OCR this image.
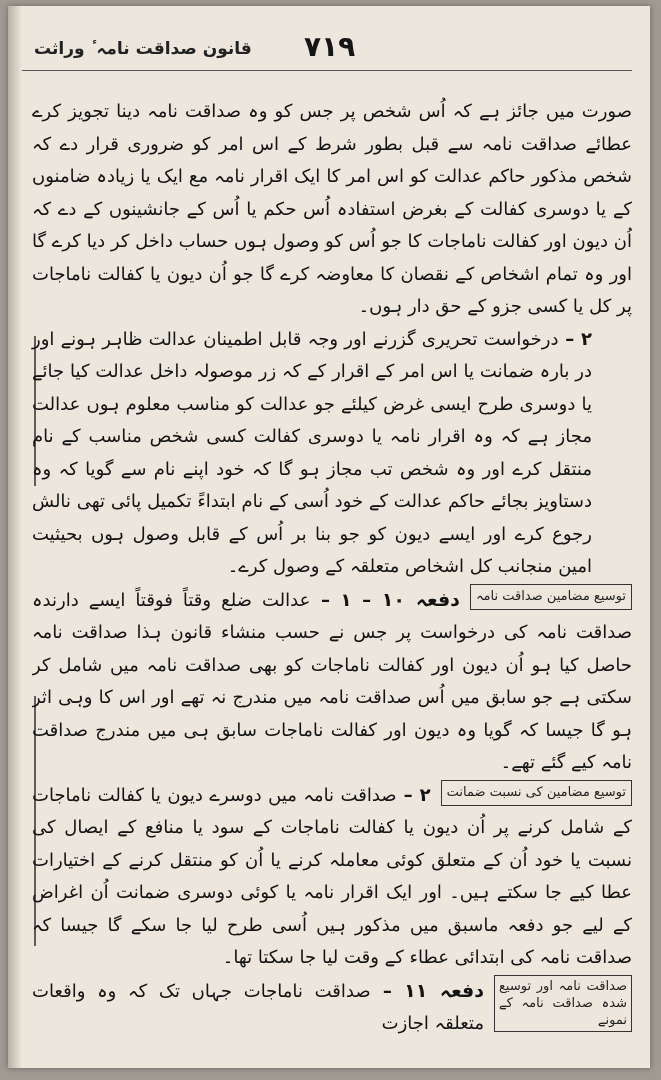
قانون صداقت نامہ ٔ وراثت ۷۱۹

صورت میں جائز ہے کہ اُس شخص پر جس کو وہ صداقت نامہ دینا تجویز کرے عطائے صداقت نامہ سے قبل بطور شرط کے اس امر کو ضروری قرار دے کہ شخص مذکور حاکم عدالت کو اس امر کا ایک اقرار نامہ مع ایک یا زیادہ ضامنوں کے یا دوسری کفالت کے بغرض استفادہ اُس حکم یا اُس کے جانشینوں کے دے کہ اُن دیون اور کفالت ناماجات کا جو اُس کو وصول ہوں حساب داخل کر دیا کرے گا اور وہ تمام اشخاص کے نقصان کا معاوضہ کرے گا جو اُن دیون یا کفالت ناماجات پر کل یا کسی جزو کے حق دار ہوں۔

۲ – درخواست تحریری گزرنے اور وجہ قابل اطمینان عدالت ظاہر ہونے اور در بارہ ضمانت یا اس امر کے اقرار کے کہ زر موصولہ داخل عدالت کیا جائے یا دوسری طرح ایسی غرض کیلئے جو عدالت کو مناسب معلوم ہوں عدالت مجاز ہے کہ وہ اقرار نامہ یا دوسری کفالت کسی شخص مناسب کے نام منتقل کرے اور وہ شخص تب مجاز ہو گا کہ خود اپنے نام سے گویا کہ وہ دستاویز بجائے حاکم عدالت کے خود اُسی کے نام ابتداءً تکمیل پائی تھی نالش رجوع کرے اور ایسے دیون کو جو بنا بر اُس کے قابل وصول ہوں بحیثیت امین منجانب کل اشخاص متعلقہ کے وصول کرے۔

توسیع مضامین صداقت نامہ
دفعہ ۱۰ – ۱ – عدالت ضلع وقتاً فوقتاً ایسے دارندہ صداقت نامہ کی درخواست پر جس نے حسب منشاء قانون ہذا صداقت نامہ حاصل کیا ہو اُن دیون اور کفالت ناماجات کو بھی صداقت نامہ میں شامل کر سکتی ہے جو سابق میں اُس صداقت نامہ میں مندرج نہ تھے اور اس کا وہی اثر ہو گا جیسا کہ گویا وہ دیون اور کفالت ناماجات سابق ہی میں مندرج صداقت نامہ کیے گئے تھے۔
توسیع مضامین کی نسبت ضمانت
۲ – صداقت نامہ میں دوسرے دیون یا کفالت ناماجات کے شامل کرنے پر اُن دیون یا کفالت ناماجات کے سود یا منافع کے ایصال کی نسبت یا خود اُن کے متعلق کوئی معاملہ کرنے یا اُن کو منتقل کرنے کے اختیارات عطا کیے جا سکتے ہیں۔ اور ایک اقرار نامہ یا کوئی دوسری ضمانت اُن اغراض کے لیے جو دفعہ ماسبق میں مذکور ہیں اُسی طرح لیا جا سکے گا جیسا کہ صداقت نامہ کی ابتدائی عطاء کے وقت لیا جا سکتا تھا۔
صداقت نامہ اور توسیع شدہ صداقت نامہ کے نمونے
دفعہ ۱۱ – صداقت ناماجات جہاں تک کہ وہ واقعات متعلقہ اجازت
